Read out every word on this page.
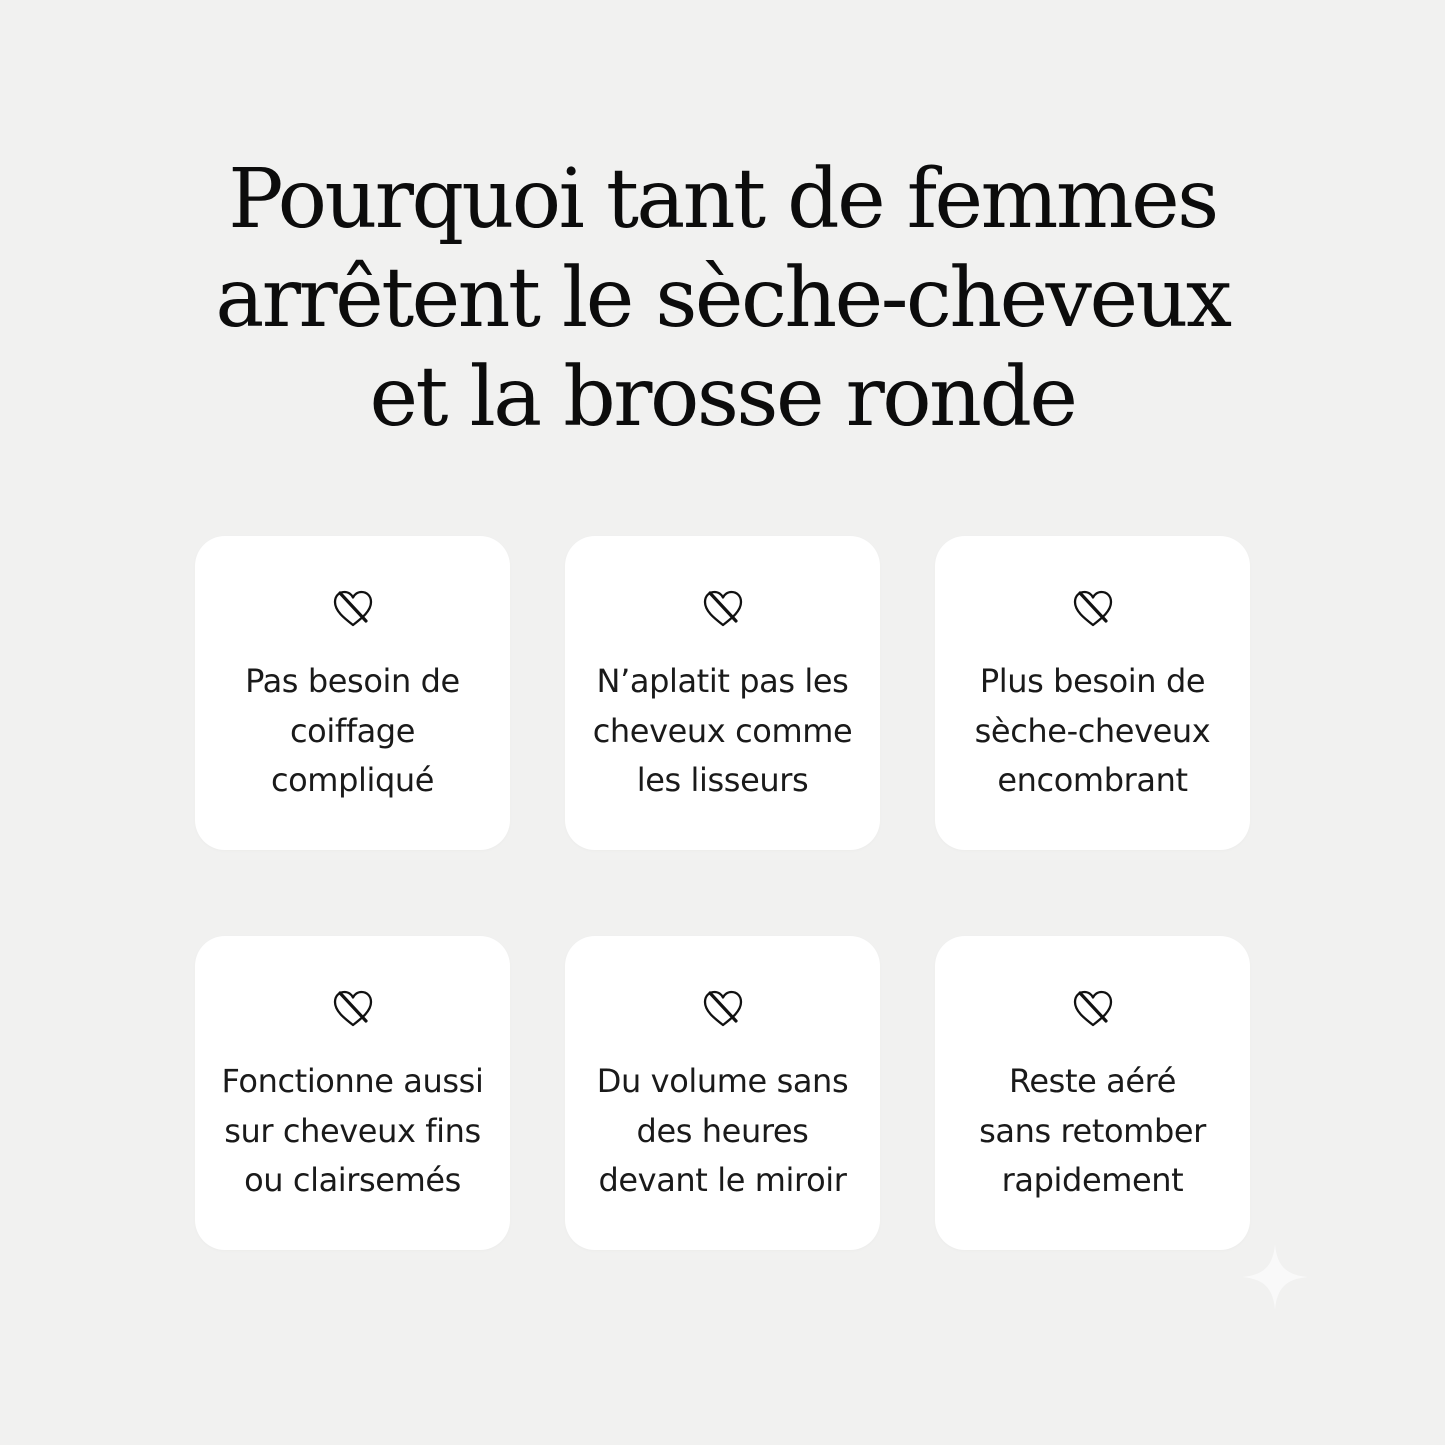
Pourquoi tant de femmes
arrêtent le sèche-cheveux
et la brosse ronde
Pas besoin de
coiffage
compliqué
N’aplatit pas les
cheveux comme
les lisseurs
Plus besoin de
sèche-cheveux
encombrant
Fonctionne aussi
sur cheveux fins
ou clairsemés
Du volume sans
des heures
devant le miroir
Reste aéré
sans retomber
rapidement
